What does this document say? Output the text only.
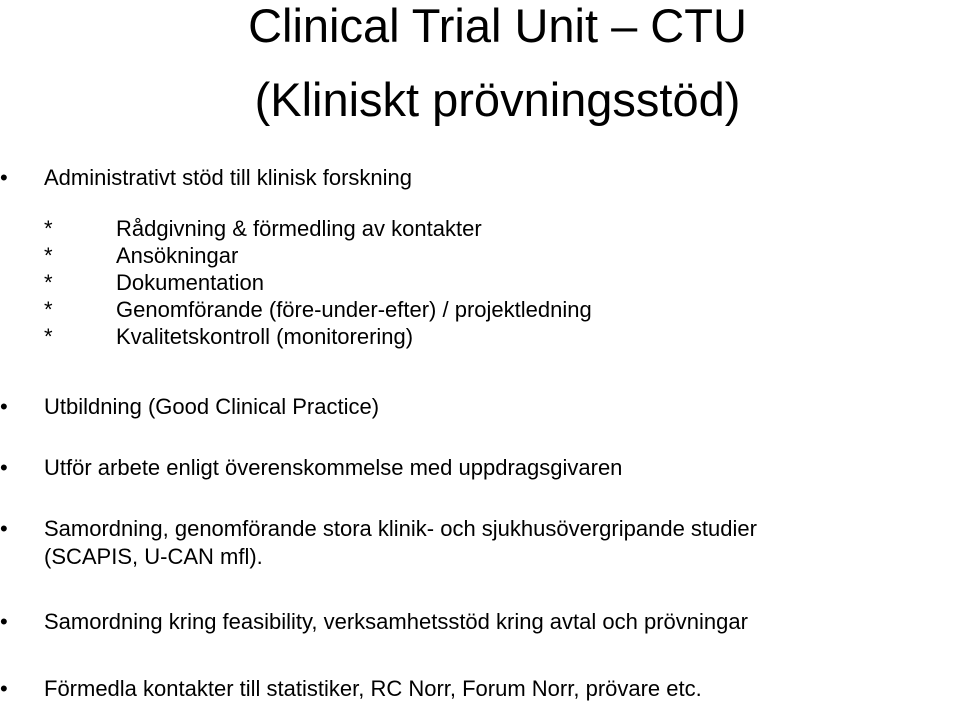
Clinical Trial Unit – CTU
(Kliniskt prövningsstöd)
•	Administrativt stöd till klinisk forskning
*	Rådgivning & förmedling av kontakter
*	Ansökningar
*	Dokumentation
*	Genomförande (före-under-efter) / projektledning
*	Kvalitetskontroll (monitorering)
•	Utbildning (Good Clinical Practice)
•	Utför arbete enligt överenskommelse med uppdragsgivaren
•	Samordning, genomförande stora klinik- och sjukhusövergripande studier
(SCAPIS, U-CAN mfl).
•	Samordning kring feasibility, verksamhetsstöd kring avtal och prövningar
•	Förmedla kontakter till statistiker, RC Norr, Forum Norr, prövare etc.
